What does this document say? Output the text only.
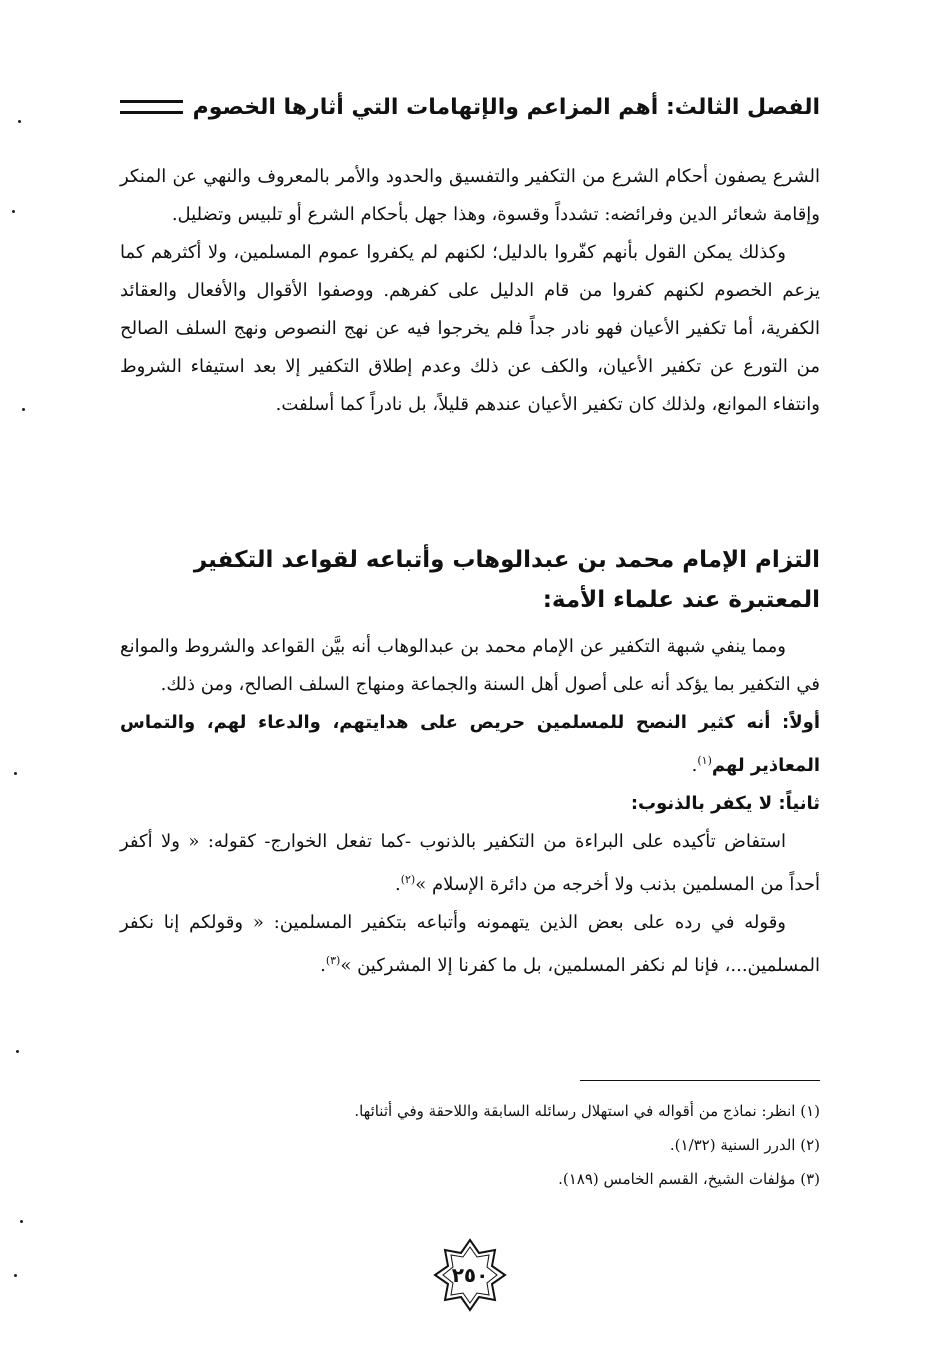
الفصل الثالث: أهم المزاعم والإتهامات التي أثارها الخصوم

الشرع يصفون أحكام الشرع من التكفير والتفسيق والحدود والأمر بالمعروف والنهي عن المنكر وإقامة شعائر الدين وفرائضه: تشدداً وقسوة، وهذا جهل بأحكام الشرع أو تلبيس وتضليل.

وكذلك يمكن القول بأنهم كفّروا بالدليل؛ لكنهم لم يكفروا عموم المسلمين، ولا أكثرهم كما يزعم الخصوم لكنهم كفروا من قام الدليل على كفرهم. ووصفوا الأقوال والأفعال والعقائد الكفرية، أما تكفير الأعيان فهو نادر جداً فلم يخرجوا فيه عن نهج النصوص ونهج السلف الصالح من التورع عن تكفير الأعيان، والكف عن ذلك وعدم إطلاق التكفير إلا بعد استيفاء الشروط وانتفاء الموانع، ولذلك كان تكفير الأعيان عندهم قليلاً، بل نادراً كما أسلفت.

التزام الإمام محمد بن عبدالوهاب وأتباعه لقواعد التكفير المعتبرة عند علماء الأمة:

ومما ينفي شبهة التكفير عن الإمام محمد بن عبدالوهاب أنه بيَّن القواعد والشروط والموانع في التكفير بما يؤكد أنه على أصول أهل السنة والجماعة ومنهاج السلف الصالح، ومن ذلك.

أولاً: أنه كثير النصح للمسلمين حريص على هدايتهم، والدعاء لهم، والتماس المعاذير لهم$^{(١)}$.

ثانياً: لا يكفر بالذنوب:

استفاض تأكيده على البراءة من التكفير بالذنوب -كما تفعل الخوارج- كقوله: « ولا أكفر أحداً من المسلمين بذنب ولا أخرجه من دائرة الإسلام »$^{(٢)}$.

وقوله في رده على بعض الذين يتهمونه وأتباعه بتكفير المسلمين: « وقولكم إنا نكفر المسلمين...، فإنا لم نكفر المسلمين، بل ما كفرنا إلا المشركين »$^{(٣)}$.

(١) انظر: نماذج من أقواله في استهلال رسائله السابقة واللاحقة وفي أثنائها.

(٢) الدرر السنية (١/٣٢).

(٣) مؤلفات الشيخ، القسم الخامس (١٨٩).

٢٥٠
